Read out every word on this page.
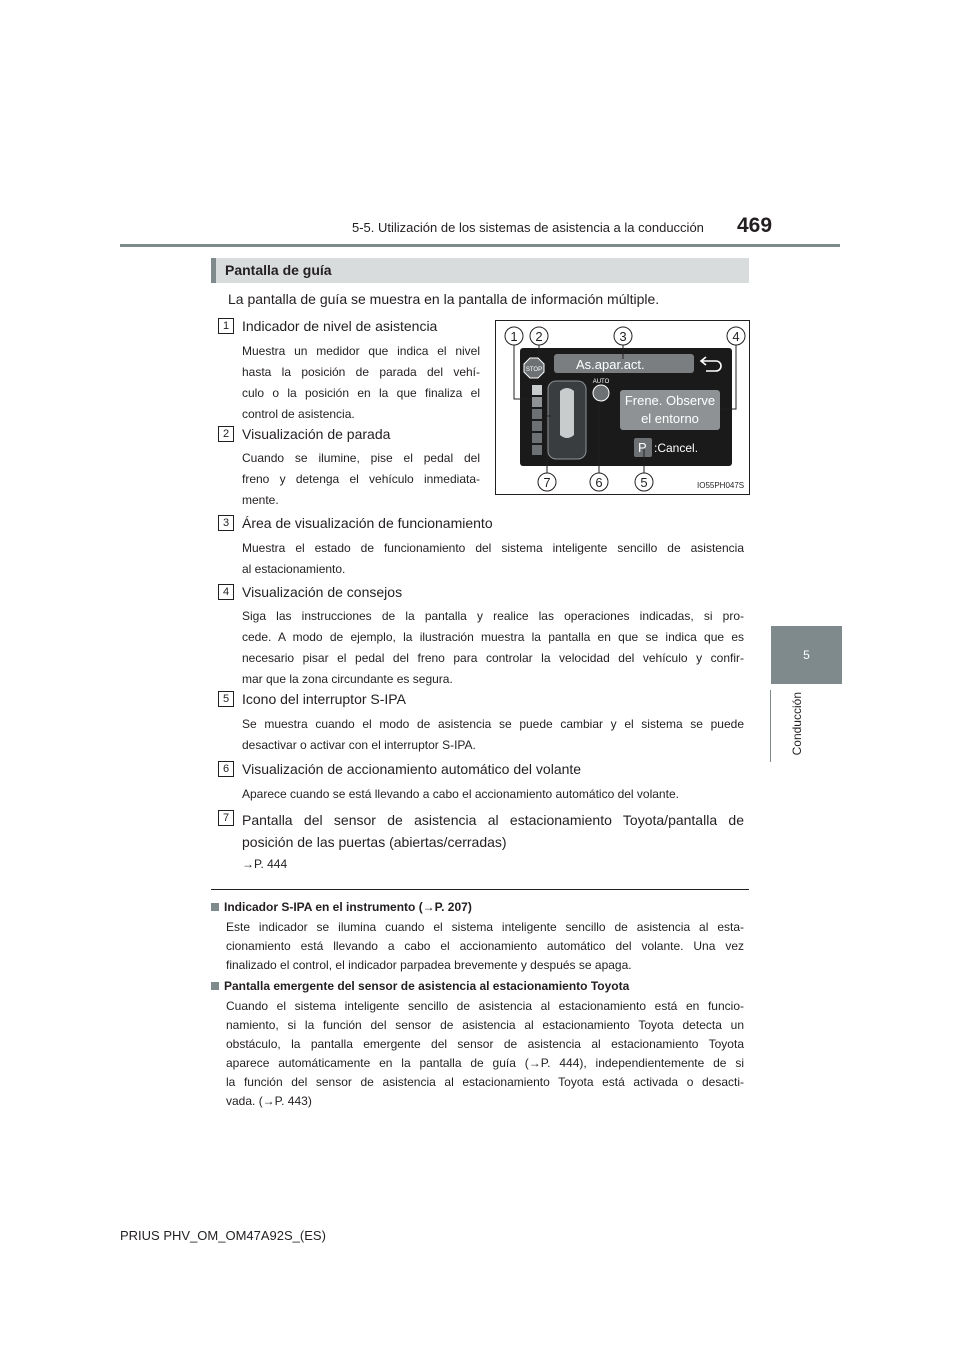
5-5. Utilización de los sistemas de asistencia a la conducción 469
5
Conducción
Pantalla de guía
La pantalla de guía se muestra en la pantalla de información múltiple.
1 Indicador de nivel de asistencia
Muestra un medidor que indica el nivel
hasta la posición de parada del vehí-
culo o la posición en la que finaliza el
control de asistencia.
2 Visualización de parada
Cuando se ilumine, pise el pedal del
freno y detenga el vehículo inmediata-
mente.
3 Área de visualización de funcionamiento
Muestra el estado de funcionamiento del sistema inteligente sencillo de asistencia
al estacionamiento.
4 Visualización de consejos
Siga las instrucciones de la pantalla y realice las operaciones indicadas, si pro-
cede. A modo de ejemplo, la ilustración muestra la pantalla en que se indica que es
necesario pisar el pedal del freno para controlar la velocidad del vehículo y confir-
mar que la zona circundante es segura.
5 Icono del interruptor S-IPA
Se muestra cuando el modo de asistencia se puede cambiar y el sistema se puede
desactivar o activar con el interruptor S-IPA.
6 Visualización de accionamiento automático del volante
Aparece cuando se está llevando a cabo el accionamiento automático del volante.
7 Pantalla del sensor de asistencia al estacionamiento Toyota/pantalla de
posición de las puertas (abiertas/cerradas)
→P. 444
Indicador S-IPA en el instrumento (→P. 207)
Este indicador se ilumina cuando el sistema inteligente sencillo de asistencia al esta-
cionamiento está llevando a cabo el accionamiento automático del volante. Una vez
finalizado el control, el indicador parpadea brevemente y después se apaga.
Pantalla emergente del sensor de asistencia al estacionamiento Toyota
Cuando el sistema inteligente sencillo de asistencia al estacionamiento está en funcio-
namiento, si la función del sensor de asistencia al estacionamiento Toyota detecta un
obstáculo, la pantalla emergente del sensor de asistencia al estacionamiento Toyota
aparece automáticamente en la pantalla de guía (→P. 444), independientemente de si
la función del sensor de asistencia al estacionamiento Toyota está activada o desacti-
vada. (→P. 443)
As.apar.act.
STOP
AUTO
Frene. Observe
el entorno
P :Cancel.
1 2	3	4
5
6
7	IO55PH047S
PRIUS PHV_OM_OM47A92S_(ES)
